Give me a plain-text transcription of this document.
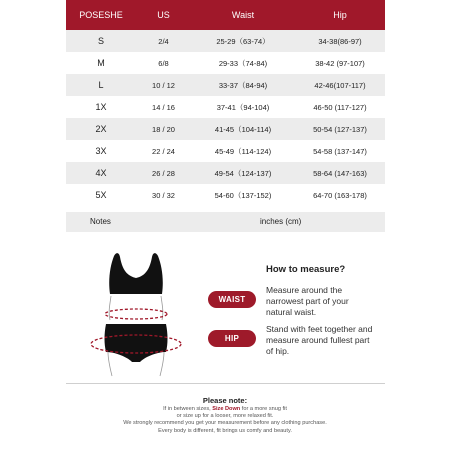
POSESHE	US	Waist	Hip
S	2/4	25-29（63-74）	34-38(86-97)
M	6/8	29-33（74-84)	38-42 (97-107)
L	10 / 12	33-37（84-94)	42-46(107-117)
1X	14 / 16	37-41（94-104)	46-50 (117-127)
2X	18 / 20	41-45（104-114)	50-54 (127-137)
3X	22 / 24	45-49（114-124)	54-58 (137-147)
4X	26 / 28	49-54（124-137)	58-64 (147-163)
5X	30 / 32	54-60（137-152)	64-70 (163-178)
Notes	inches (cm)
How to measure?
WAIST
Measure around the narrowest part of your natural waist.
HIP
Stand with feet together and measure around fullest part of hip.
Please note:
If in between sizes, Size Down for a more snug fit
or size up for a looser, more relaxed fit.
We strongly recommend you get your measurement before any clothing purchase.
Every body is different, fit brings us comfy and beauty.
